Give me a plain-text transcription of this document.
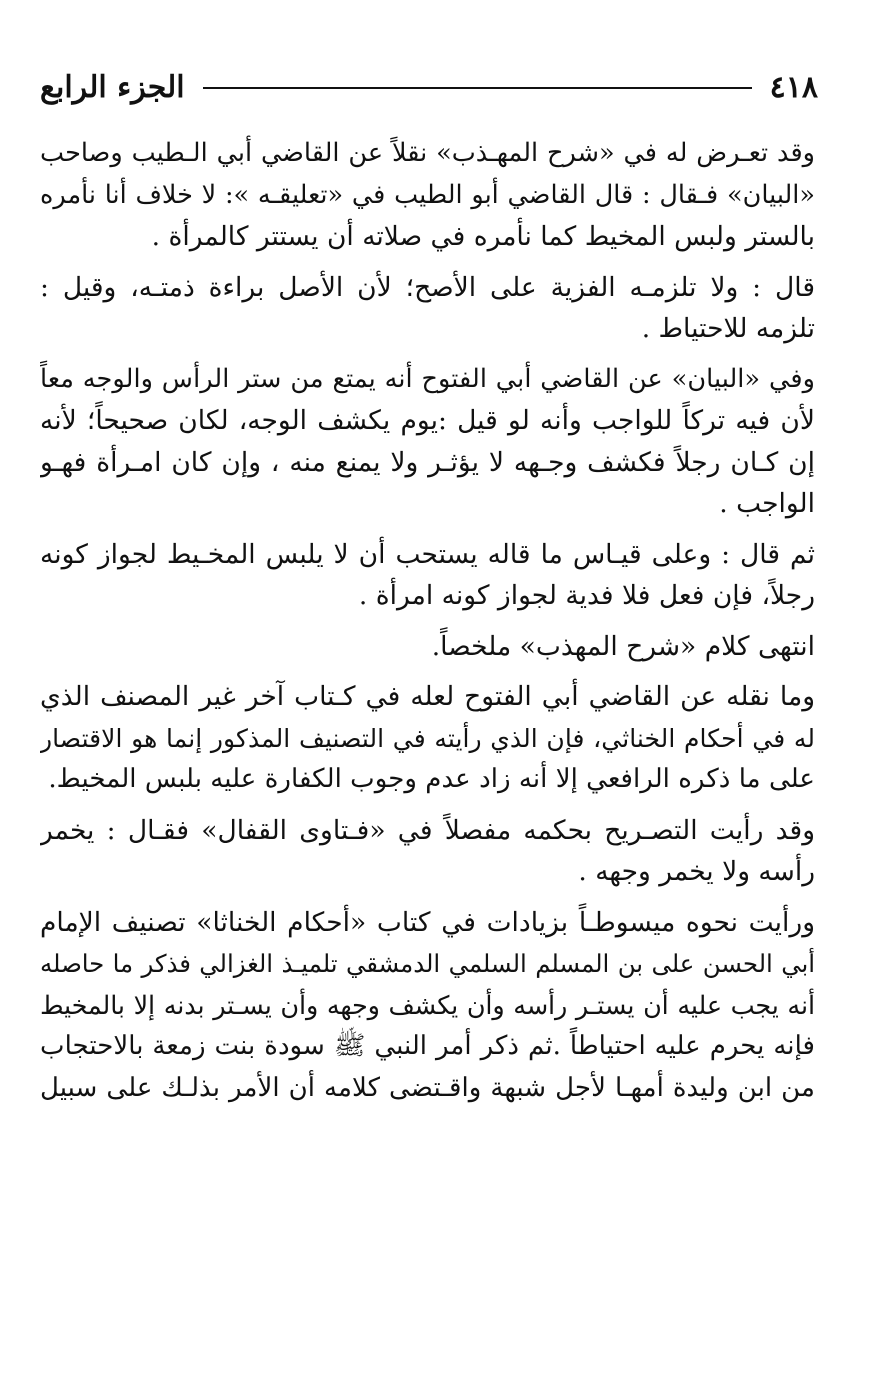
٤١٨
الجزء الرابع
وقد تعـرض له في «شرح المهـذب» نقلاً عن القاضي أبي الـطيب وصاحب
«البيان» فـقال : قال القاضي أبو الطيب في «تعليقـه »: لا خلاف أنا نأمره
بالستر ولبس المخيط كما نأمره في صلاته أن يستتر كالمرأة .
قال : ولا تلزمـه الفزية على الأصح؛ لأن الأصل براءة ذمتـه، وقيل :
تلزمه للاحتياط .
وفي «البيان» عن القاضي أبي الفتوح أنه يمتع من ستر الرأس والوجه معاً
لأن فيه تركاً للواجب وأنه لو قيل :يوم يكشف الوجه، لكان صحيحاً؛ لأنه
إن كـان رجلاً فكشف وجـهه لا يؤثـر ولا يمنع منه ، وإن كان امـرأة فهـو
الواجب .
ثم قال : وعلى قيـاس ما قاله يستحب أن لا يلبس المخـيط لجواز كونه
رجلاً، فإن فعل فلا فدية لجواز كونه امرأة .
انتهى كلام «شرح المهذب» ملخصاً.
وما نقله عن القاضي أبي الفتوح لعله في كـتاب آخر غير المصنف الذي
له في أحكام الخناثي، فإن الذي رأيته في التصنيف المذكور إنما هو الاقتصار
على ما ذكره الرافعي إلا أنه زاد عدم وجوب الكفارة عليه بلبس المخيط.
وقد رأيت التصـريح بحكمه مفصلاً في «فـتاوى القفال» فقـال : يخمر
رأسه ولا يخمر وجهه .
ورأيت نحوه ميسوطـاً بزيادات في كتاب «أحكام الخناثا» تصنيف الإمام
أبي الحسن على بن المسلم السلمي الدمشقي تلميـذ الغزالي فذكر ما حاصله
أنه يجب عليه أن يستـر رأسه وأن يكشف وجهه وأن يسـتر بدنه إلا بالمخيط
فإنه يحرم عليه احتياطاً .ثم ذكر أمر النبي ﷺ سودة بنت زمعة بالاحتجاب
من ابن وليدة أمهـا لأجل شبهة واقـتضى كلامه أن الأمر بذلـك على سبيل
